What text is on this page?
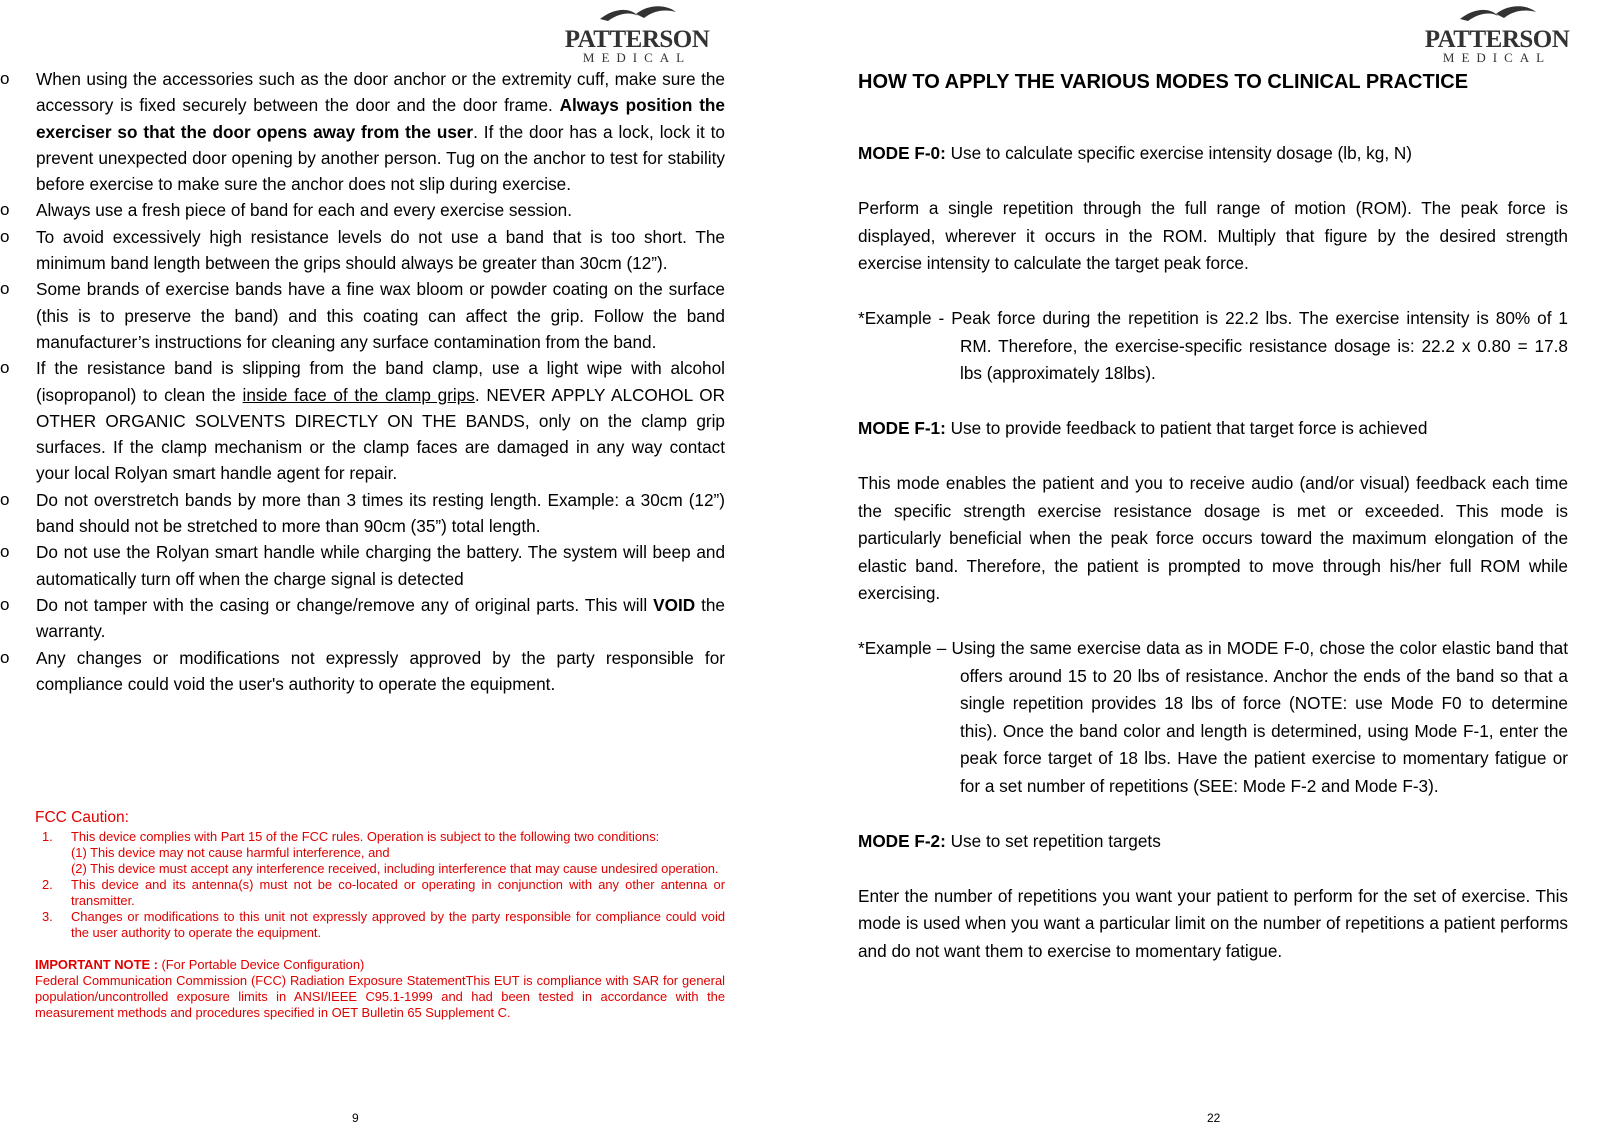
PATTERSON
MEDICAL
o When using the accessories such as the door anchor or the extremity cuff, make sure the accessory is fixed securely between the door and the door frame. Always position the exerciser so that the door opens away from the user. If the door has a lock, lock it to prevent unexpected door opening by another person. Tug on the anchor to test for stability before exercise to make sure the anchor does not slip during exercise.
o Always use a fresh piece of band for each and every exercise session.
o To avoid excessively high resistance levels do not use a band that is too short. The minimum band length between the grips should always be greater than 30cm (12”).
o Some brands of exercise bands have a fine wax bloom or powder coating on the surface (this is to preserve the band) and this coating can affect the grip. Follow the band manufacturer’s instructions for cleaning any surface contamination from the band.
o If the resistance band is slipping from the band clamp, use a light wipe with alcohol (isopropanol) to clean the inside face of the clamp grips. NEVER APPLY ALCOHOL OR OTHER ORGANIC SOLVENTS DIRECTLY ON THE BANDS, only on the clamp grip surfaces. If the clamp mechanism or the clamp faces are damaged in any way contact your local Rolyan smart handle agent for repair.
o Do not overstretch bands by more than 3 times its resting length. Example: a 30cm (12”) band should not be stretched to more than 90cm (35”) total length.
o Do not use the Rolyan smart handle while charging the battery. The system will beep and automatically turn off when the charge signal is detected
o Do not tamper with the casing or change/remove any of original parts. This will VOID the warranty.
o Any changes or modifications not expressly approved by the party responsible for compliance could void the user's authority to operate the equipment.
FCC Caution:
1. This device complies with Part 15 of the FCC rules. Operation is subject to the following two conditions:
(1) This device may not cause harmful interference, and
(2) This device must accept any interference received, including interference that may cause undesired operation.
2. This device and its antenna(s) must not be co-located or operating in conjunction with any other antenna or transmitter.
3. Changes or modifications to this unit not expressly approved by the party responsible for compliance could void the user authority to operate the equipment.
IMPORTANT NOTE : (For Portable Device Configuration)
Federal Communication Commission (FCC) Radiation Exposure StatementThis EUT is compliance with SAR for general population/uncontrolled exposure limits in ANSI/IEEE C95.1-1999 and had been tested in accordance with the measurement methods and procedures specified in OET Bulletin 65 Supplement C.
9
PATTERSON
MEDICAL
HOW TO APPLY THE VARIOUS MODES TO CLINICAL PRACTICE

MODE F-0: Use to calculate specific exercise intensity dosage (lb, kg, N)

Perform a single repetition through the full range of motion (ROM). The peak force is displayed, wherever it occurs in the ROM. Multiply that figure by the desired strength exercise intensity to calculate the target peak force.

*Example - Peak force during the repetition is 22.2 lbs. The exercise intensity is 80% of 1 RM. Therefore, the exercise-specific resistance dosage is: 22.2 x 0.80 = 17.8 lbs (approximately 18lbs).

MODE F-1: Use to provide feedback to patient that target force is achieved

This mode enables the patient and you to receive audio (and/or visual) feedback each time the specific strength exercise resistance dosage is met or exceeded. This mode is particularly beneficial when the peak force occurs toward the maximum elongation of the elastic band. Therefore, the patient is prompted to move through his/her full ROM while exercising.

*Example – Using the same exercise data as in MODE F-0, chose the color elastic band that offers around 15 to 20 lbs of resistance. Anchor the ends of the band so that a single repetition provides 18 lbs of force (NOTE: use Mode F0 to determine this). Once the band color and length is determined, using Mode F-1, enter the peak force target of 18 lbs. Have the patient exercise to momentary fatigue or for a set number of repetitions (SEE: Mode F-2 and Mode F-3).

MODE F-2: Use to set repetition targets

Enter the number of repetitions you want your patient to perform for the set of exercise. This mode is used when you want a particular limit on the number of repetitions a patient performs and do not want them to exercise to momentary fatigue.

22
